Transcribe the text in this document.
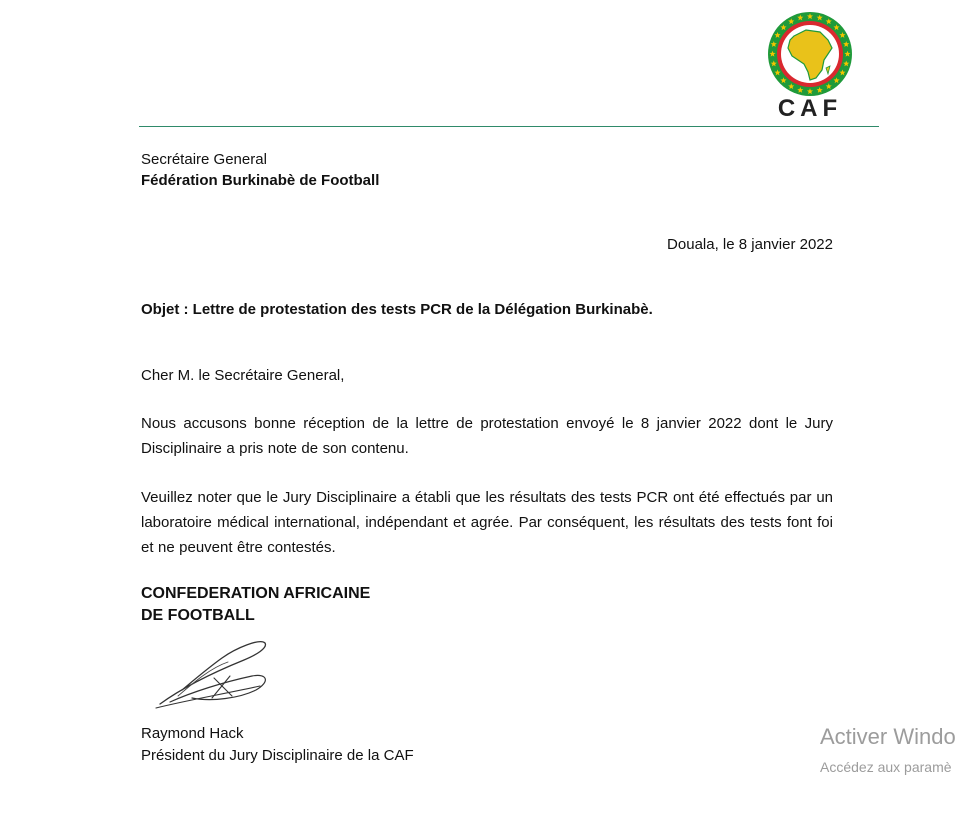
CAF
Secrétaire General
Fédération Burkinabè de Football
Douala, le 8 janvier 2022
Objet : Lettre de protestation des tests PCR de la Délégation Burkinabè.
Cher M. le Secrétaire General,
Nous accusons bonne réception de la lettre de protestation envoyé le 8 janvier 2022 dont le Jury Disciplinaire a pris note de son contenu.
Veuillez noter que le Jury Disciplinaire a établi que les résultats des tests PCR ont été effectués par un laboratoire médical international, indépendant et agrée. Par conséquent, les résultats des tests font foi et ne peuvent être contestés.
CONFEDERATION AFRICAINE
DE FOOTBALL
Raymond Hack
Président du Jury Disciplinaire de la CAF
Activer Windo
Accédez aux paramè
